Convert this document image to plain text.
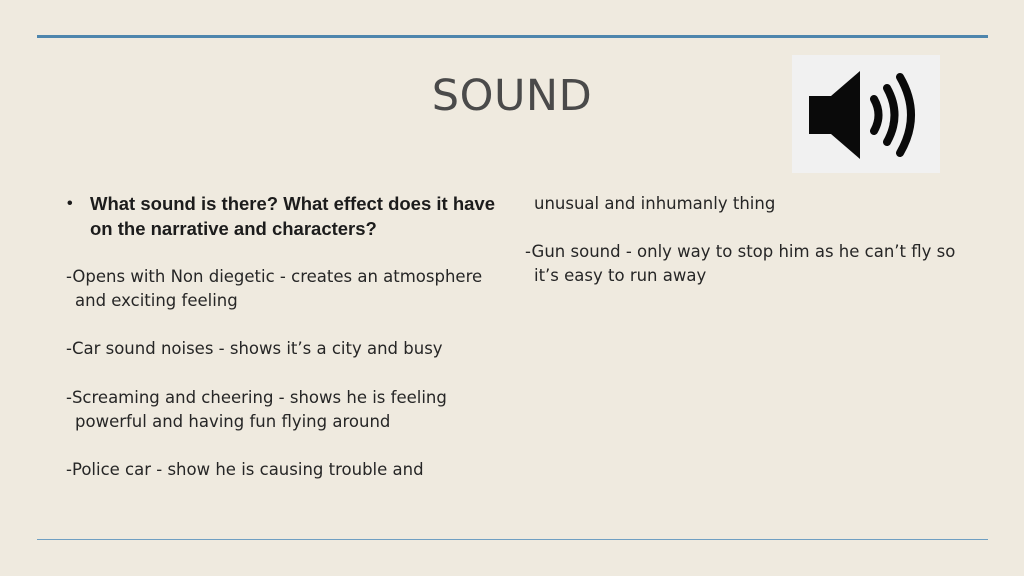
SOUND
• What sound is there? What effect does it have on the narrative and characters?
-Opens with Non diegetic - creates an atmosphere and exciting feeling
-Car sound noises - shows it’s a city and busy
-Screaming and cheering - shows he is feeling powerful and having fun flying around
-Police car - show he is causing trouble and
unusual and inhumanly thing
-Gun sound - only way to stop him as he can’t fly so it’s easy to run away
